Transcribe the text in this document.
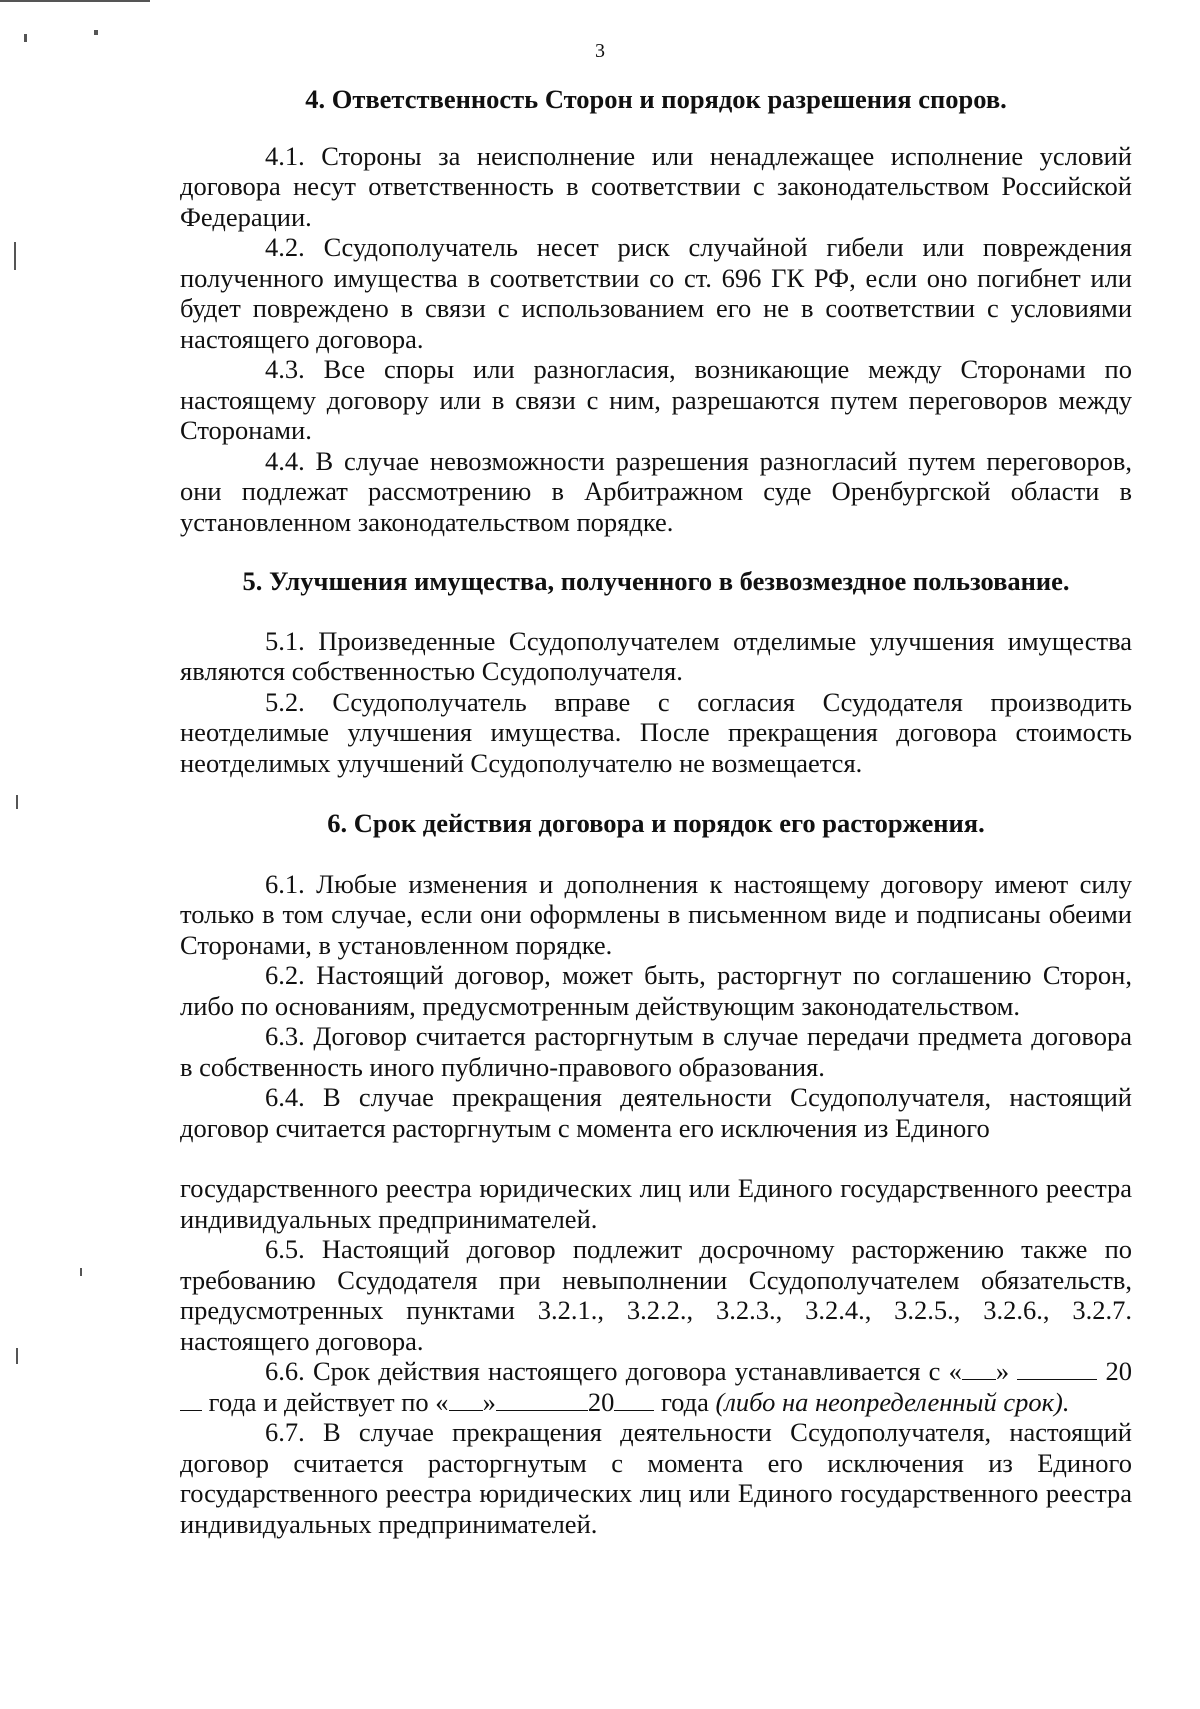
3

4. Ответственность Сторон и порядок разрешения споров.

4.1. Стороны за неисполнение или ненадлежащее исполнение условий договора несут ответственность в соответствии с законодательством Российской Федерации.

4.2. Ссудополучатель несет риск случайной гибели или повреждения полученного имущества в соответствии со ст. 696 ГК РФ, если оно погибнет или будет повреждено в связи с использованием его не в соответствии с условиями настоящего договора.

4.3. Все споры или разногласия, возникающие между Сторонами по настоящему договору или в связи с ним, разрешаются путем переговоров между Сторонами.

4.4. В случае невозможности разрешения разногласий путем переговоров, они подлежат рассмотрению в Арбитражном суде Оренбургской области в установленном законодательством порядке.

5. Улучшения имущества, полученного в безвозмездное пользование.

5.1. Произведенные Ссудополучателем отделимые улучшения имущества являются собственностью Ссудополучателя.

5.2. Ссудополучатель вправе с согласия Ссудодателя производить неотделимые улучшения имущества. После прекращения договора стоимость неотделимых улучшений Ссудополучателю не возмещается.

6. Срок действия договора и порядок его расторжения.

6.1. Любые изменения и дополнения к настоящему договору имеют силу только в том случае, если они оформлены в письменном виде и подписаны обеими Сторонами, в установленном порядке.

6.2. Настоящий договор, может быть, расторгнут по соглашению Сторон, либо по основаниям, предусмотренным действующим законодательством.

6.3. Договор считается расторгнутым в случае передачи предмета договора в собственность иного публично-правового образования.

6.4. В случае прекращения деятельности Ссудополучателя, настоящий договор считается расторгнутым с момента его исключения из Единого

государственного реестра юридических лиц или Единого государственного реестра индивидуальных предпринимателей.

6.5. Настоящий договор подлежит досрочному расторжению также по требованию Ссудодателя при невыполнении Ссудополучателем обязательств, предусмотренных пунктами 3.2.1., 3.2.2., 3.2.3., 3.2.4., 3.2.5., 3.2.6., 3.2.7. настоящего договора.

6.6. Срок действия настоящего договора устанавливается с « »	20 года и действует по « »	20 года (либо на неопределенный срок).

6.7. В случае прекращения деятельности Ссудополучателя, настоящий договор считается расторгнутым с момента его исключения из Единого государственного реестра юридических лиц или Единого государственного реестра индивидуальных предпринимателей.
